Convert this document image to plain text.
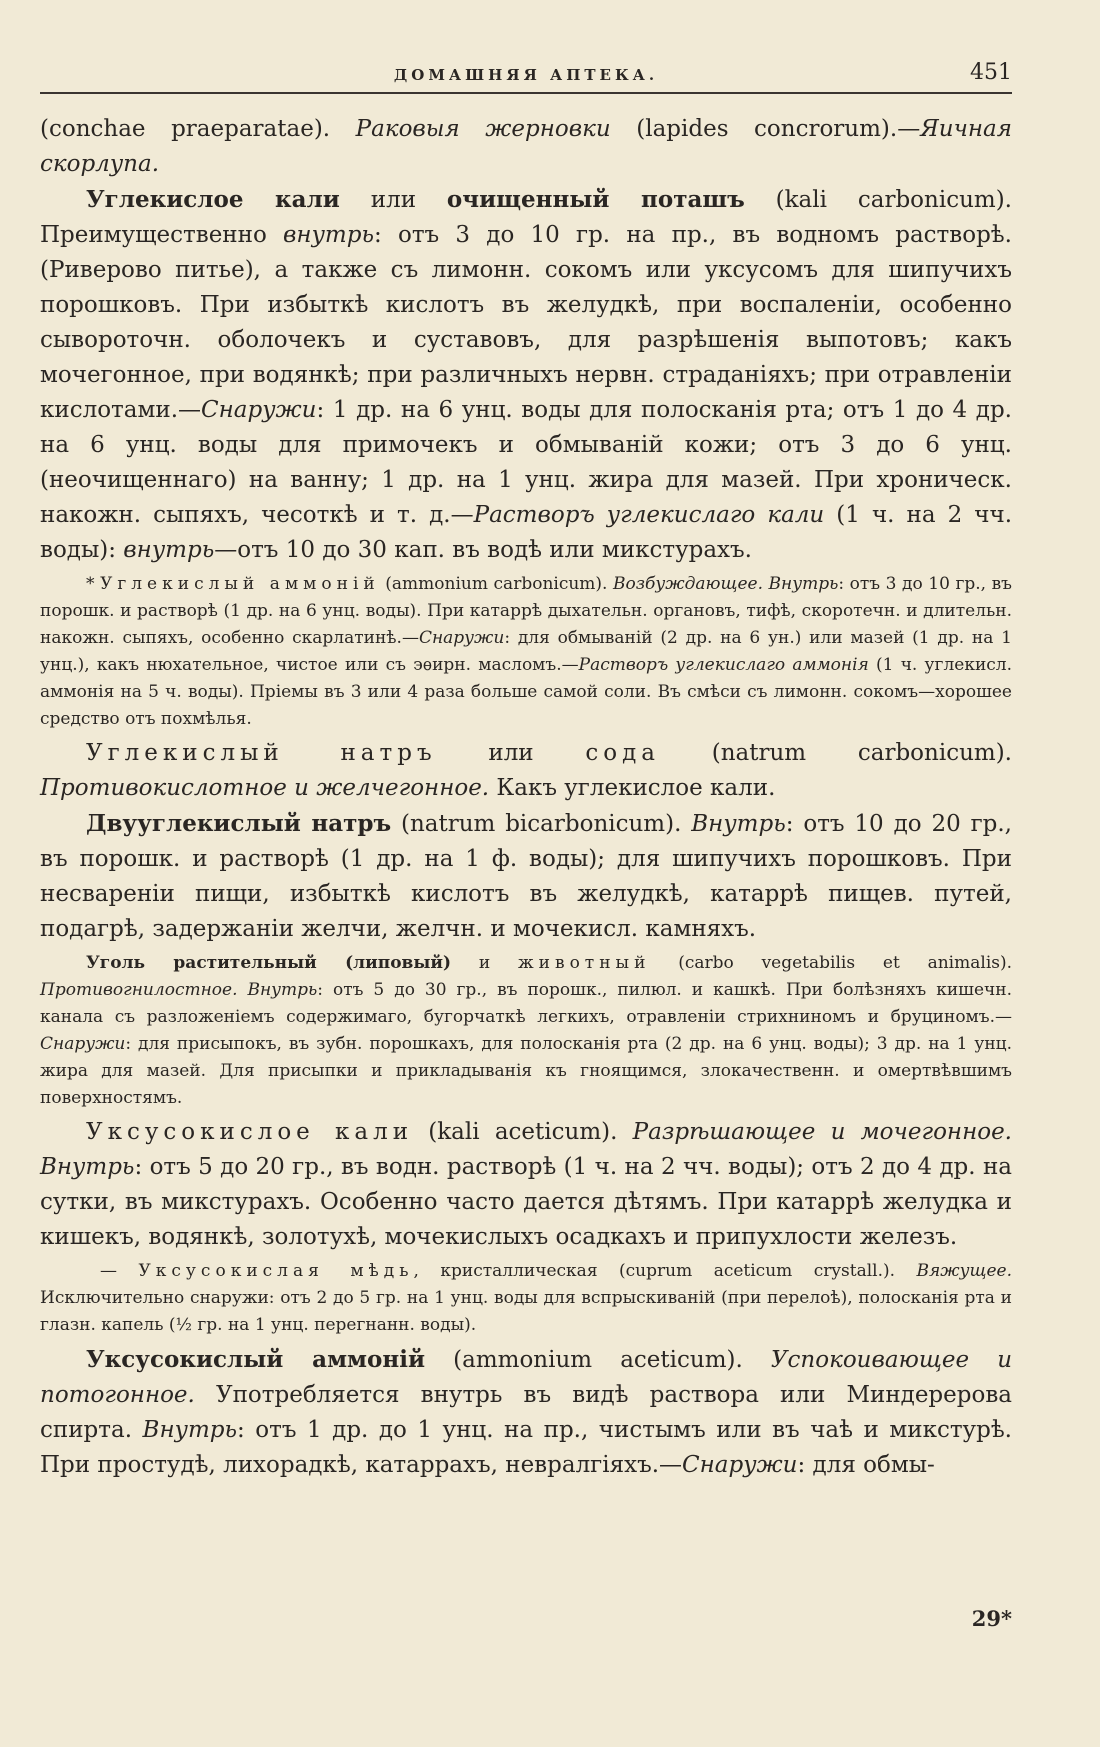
ДОМАШНЯЯ АПТЕКА.	451

(conchae praeparatae). Раковыя жерновки (lapides concrorum).—Яичная скорлупа.

Углекислое кали или очищенный поташъ (kali carbonicum). Преимущественно внутрь: отъ 3 до 10 гр. на пр., въ водномъ растворѣ. (Риверово питье), а также съ лимонн. сокомъ или уксусомъ для шипучихъ порошковъ. При избыткѣ кислотъ въ желудкѣ, при воспаленіи, особенно сывороточн. оболочекъ и суставовъ, для разрѣшенія выпотовъ; какъ мочегонное, при водянкѣ; при различныхъ нервн. страданіяхъ; при отравленіи кислотами.—Снаружи: 1 др. на 6 унц. воды для полосканія рта; отъ 1 до 4 др. на 6 унц. воды для примочекъ и обмываній кожи; отъ 3 до 6 унц. (неочищеннаго) на ванну; 1 др. на 1 унц. жира для мазей. При хроническ. накожн. сыпяхъ, чесоткѣ и т. д.—Растворъ углекислаго кали (1 ч. на 2 чч. воды): внутрь—отъ 10 до 30 кап. въ водѣ или микстурахъ.

* Углекислый аммоній (ammonium carbonicum). Возбуждающее. Внутрь: отъ 3 до 10 гр., въ порошк. и растворѣ (1 др. на 6 унц. воды). При катаррѣ дыхательн. органовъ, тифѣ, скоротечн. и длительн. накожн. сыпяхъ, особенно скарлатинѣ.—Снаружи: для обмываній (2 др. на 6 ун.) или мазей (1 др. на 1 унц.), какъ нюхательное, чистое или съ эѳирн. масломъ.—Растворъ углекислаго аммонія (1 ч. углекисл. аммонія на 5 ч. воды). Пріемы въ 3 или 4 раза больше самой соли. Въ смѣси съ лимонн. сокомъ—хорошее средство отъ похмѣлья.

Углекислый натръ или сода (natrum carbonicum). Противокислотное и желчегонное. Какъ углекислое кали.

Двууглекислый натръ (natrum bicarbonicum). Внутрь: отъ 10 до 20 гр., въ порошк. и растворѣ (1 др. на 1 ф. воды); для шипучихъ порошковъ. При несвареніи пищи, избыткѣ кислотъ въ желудкѣ, катаррѣ пищев. путей, подагрѣ, задержаніи желчи, желчн. и мочекисл. камняхъ.

Уголь растительный (липовый) и животный (carbo vegetabilis et animalis). Противогнилостное. Внутрь: отъ 5 до 30 гр., въ порошк., пилюл. и кашкѣ. При болѣзняхъ кишечн. канала съ разложеніемъ содержимаго, бугорчаткѣ легкихъ, отравленіи стрихниномъ и бруциномъ.—Снаружи: для присыпокъ, въ зубн. порошкахъ, для полосканія рта (2 др. на 6 унц. воды); 3 др. на 1 унц. жира для мазей. Для присыпки и прикладыванія къ гноящимся, злокачественн. и омертвѣвшимъ поверхностямъ.

Уксусокислое кали (kali aceticum). Разрѣшающее и мочегонное. Внутрь: отъ 5 до 20 гр., въ водн. растворѣ (1 ч. на 2 чч. воды); отъ 2 до 4 др. на сутки, въ микстурахъ. Особенно часто дается дѣтямъ. При катаррѣ желудка и кишекъ, водянкѣ, золотухѣ, мочекислыхъ осадкахъ и припухлости железъ.

— Уксусокислая мѣдь, кристаллическая (cuprum aceticum crystall.). Вяжущее. Исключительно снаружи: отъ 2 до 5 гр. на 1 унц. воды для вспрыскиваній (при перелоѣ), полосканія рта и глазн. капель (½ гр. на 1 унц. перегнанн. воды).

Уксусокислый аммоній (ammonium aceticum). Успокоивающее и потогонное. Употребляется внутрь въ видѣ раствора или Миндерерова спирта. Внутрь: отъ 1 др. до 1 унц. на пр., чистымъ или въ чаѣ и микстурѣ. При простудѣ, лихорадкѣ, катаррахъ, невралгіяхъ.—Снаружи: для обмы-

29*
